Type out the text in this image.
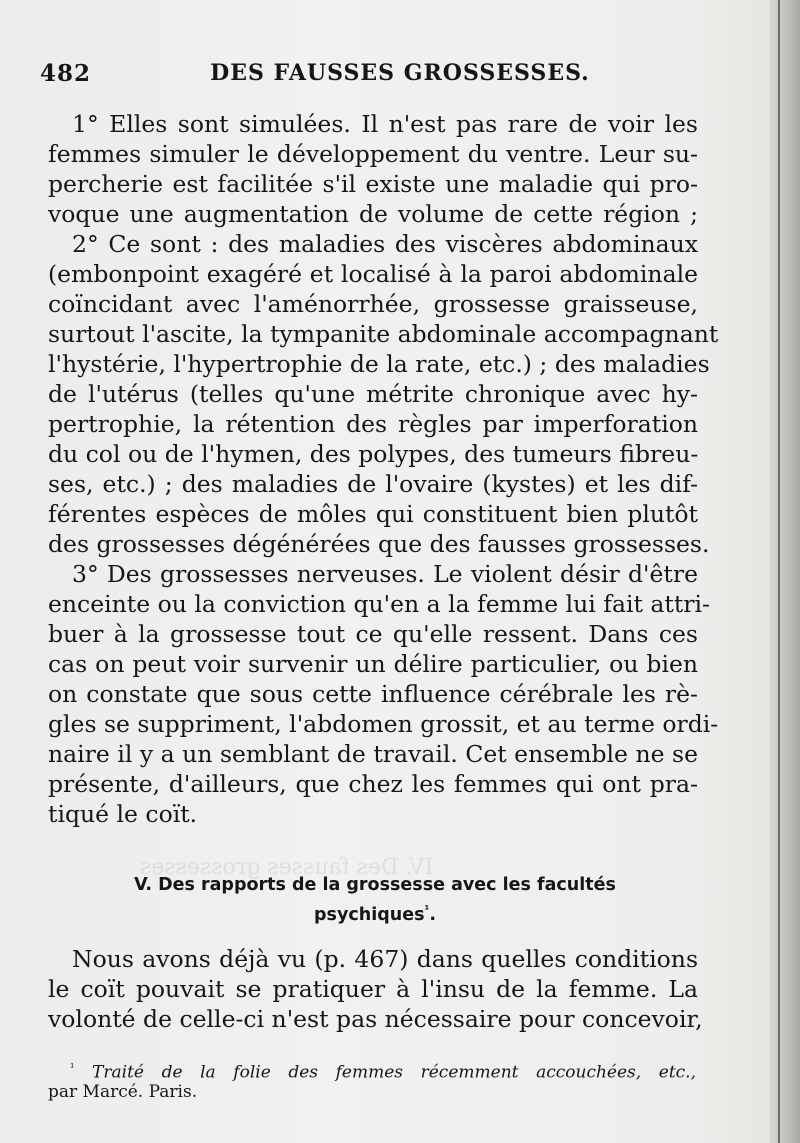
IV. Des fausses grossesses
482	DES FAUSSES GROSSESSES.
1° Elles sont simulées. Il n'est pas rare de voir les
femmes simuler le développement du ventre. Leur su-
percherie est facilitée s'il existe une maladie qui pro-
voque une augmentation de volume de cette région ;
2° Ce sont : des maladies des viscères abdominaux
(embonpoint exagéré et localisé à la paroi abdominale
coïncidant avec l'aménorrhée, grossesse graisseuse,
surtout l'ascite, la tympanite abdominale accompagnant
l'hystérie, l'hypertrophie de la rate, etc.) ; des maladies
de l'utérus (telles qu'une métrite chronique avec hy-
pertrophie, la rétention des règles par imperforation
du col ou de l'hymen, des polypes, des tumeurs fibreu-
ses, etc.) ; des maladies de l'ovaire (kystes) et les dif-
férentes espèces de môles qui constituent bien plutôt
des grossesses dégénérées que des fausses grossesses.
3° Des grossesses nerveuses. Le violent désir d'être
enceinte ou la conviction qu'en a la femme lui fait attri-
buer à la grossesse tout ce qu'elle ressent. Dans ces
cas on peut voir survenir un délire particulier, ou bien
on constate que sous cette influence cérébrale les rè-
gles se suppriment, l'abdomen grossit, et au terme ordi-
naire il y a un semblant de travail. Cet ensemble ne se
présente, d'ailleurs, que chez les femmes qui ont pra-
tiqué le coït.
V. Des rapports de la grossesse avec les facultés
psychiques$^{^1}$.
Nous avons déjà vu (p. 467) dans quelles conditions
le coït pouvait se pratiquer à l'insu de la femme. La
volonté de celle-ci n'est pas nécessaire pour concevoir,
$^{^1}$ Traité de la folie des femmes récemment accouchées, etc.,
par Marcé. Paris.
